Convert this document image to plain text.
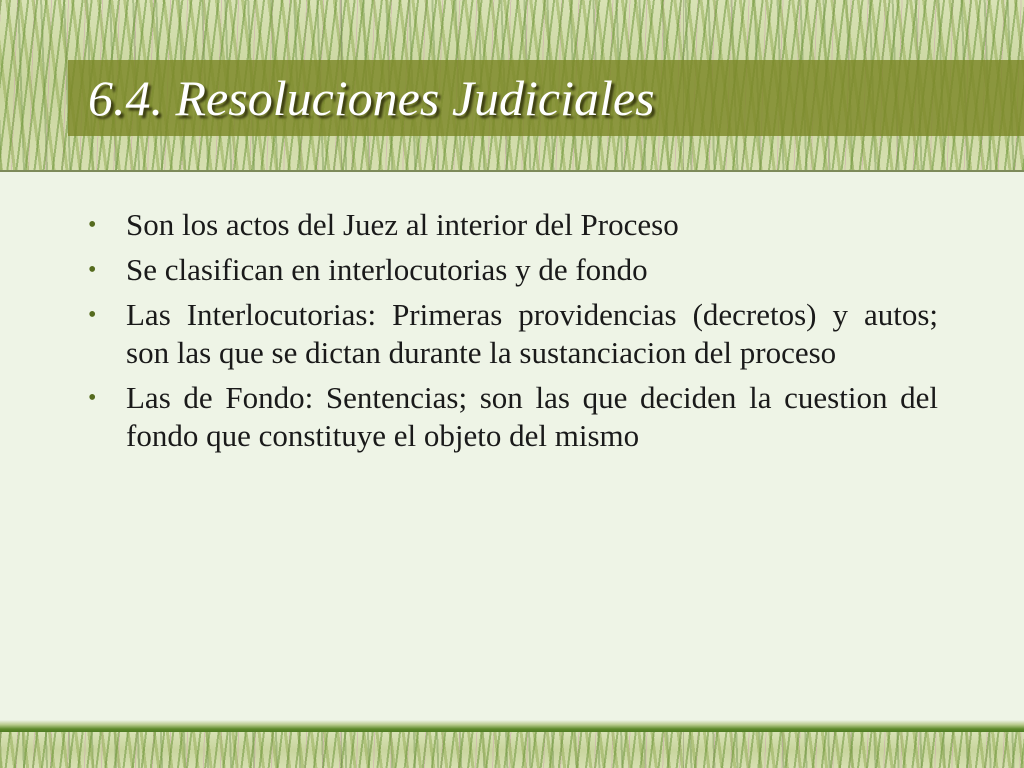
6.4. Resoluciones Judiciales
• Son los actos del Juez al interior del Proceso
• Se clasifican en interlocutorias y de fondo
• Las Interlocutorias: Primeras providencias (decretos) y autos; son las que se dictan durante la sustanciacion del proceso
• Las de Fondo: Sentencias; son las que deciden la cuestion del fondo que constituye el objeto del mismo
